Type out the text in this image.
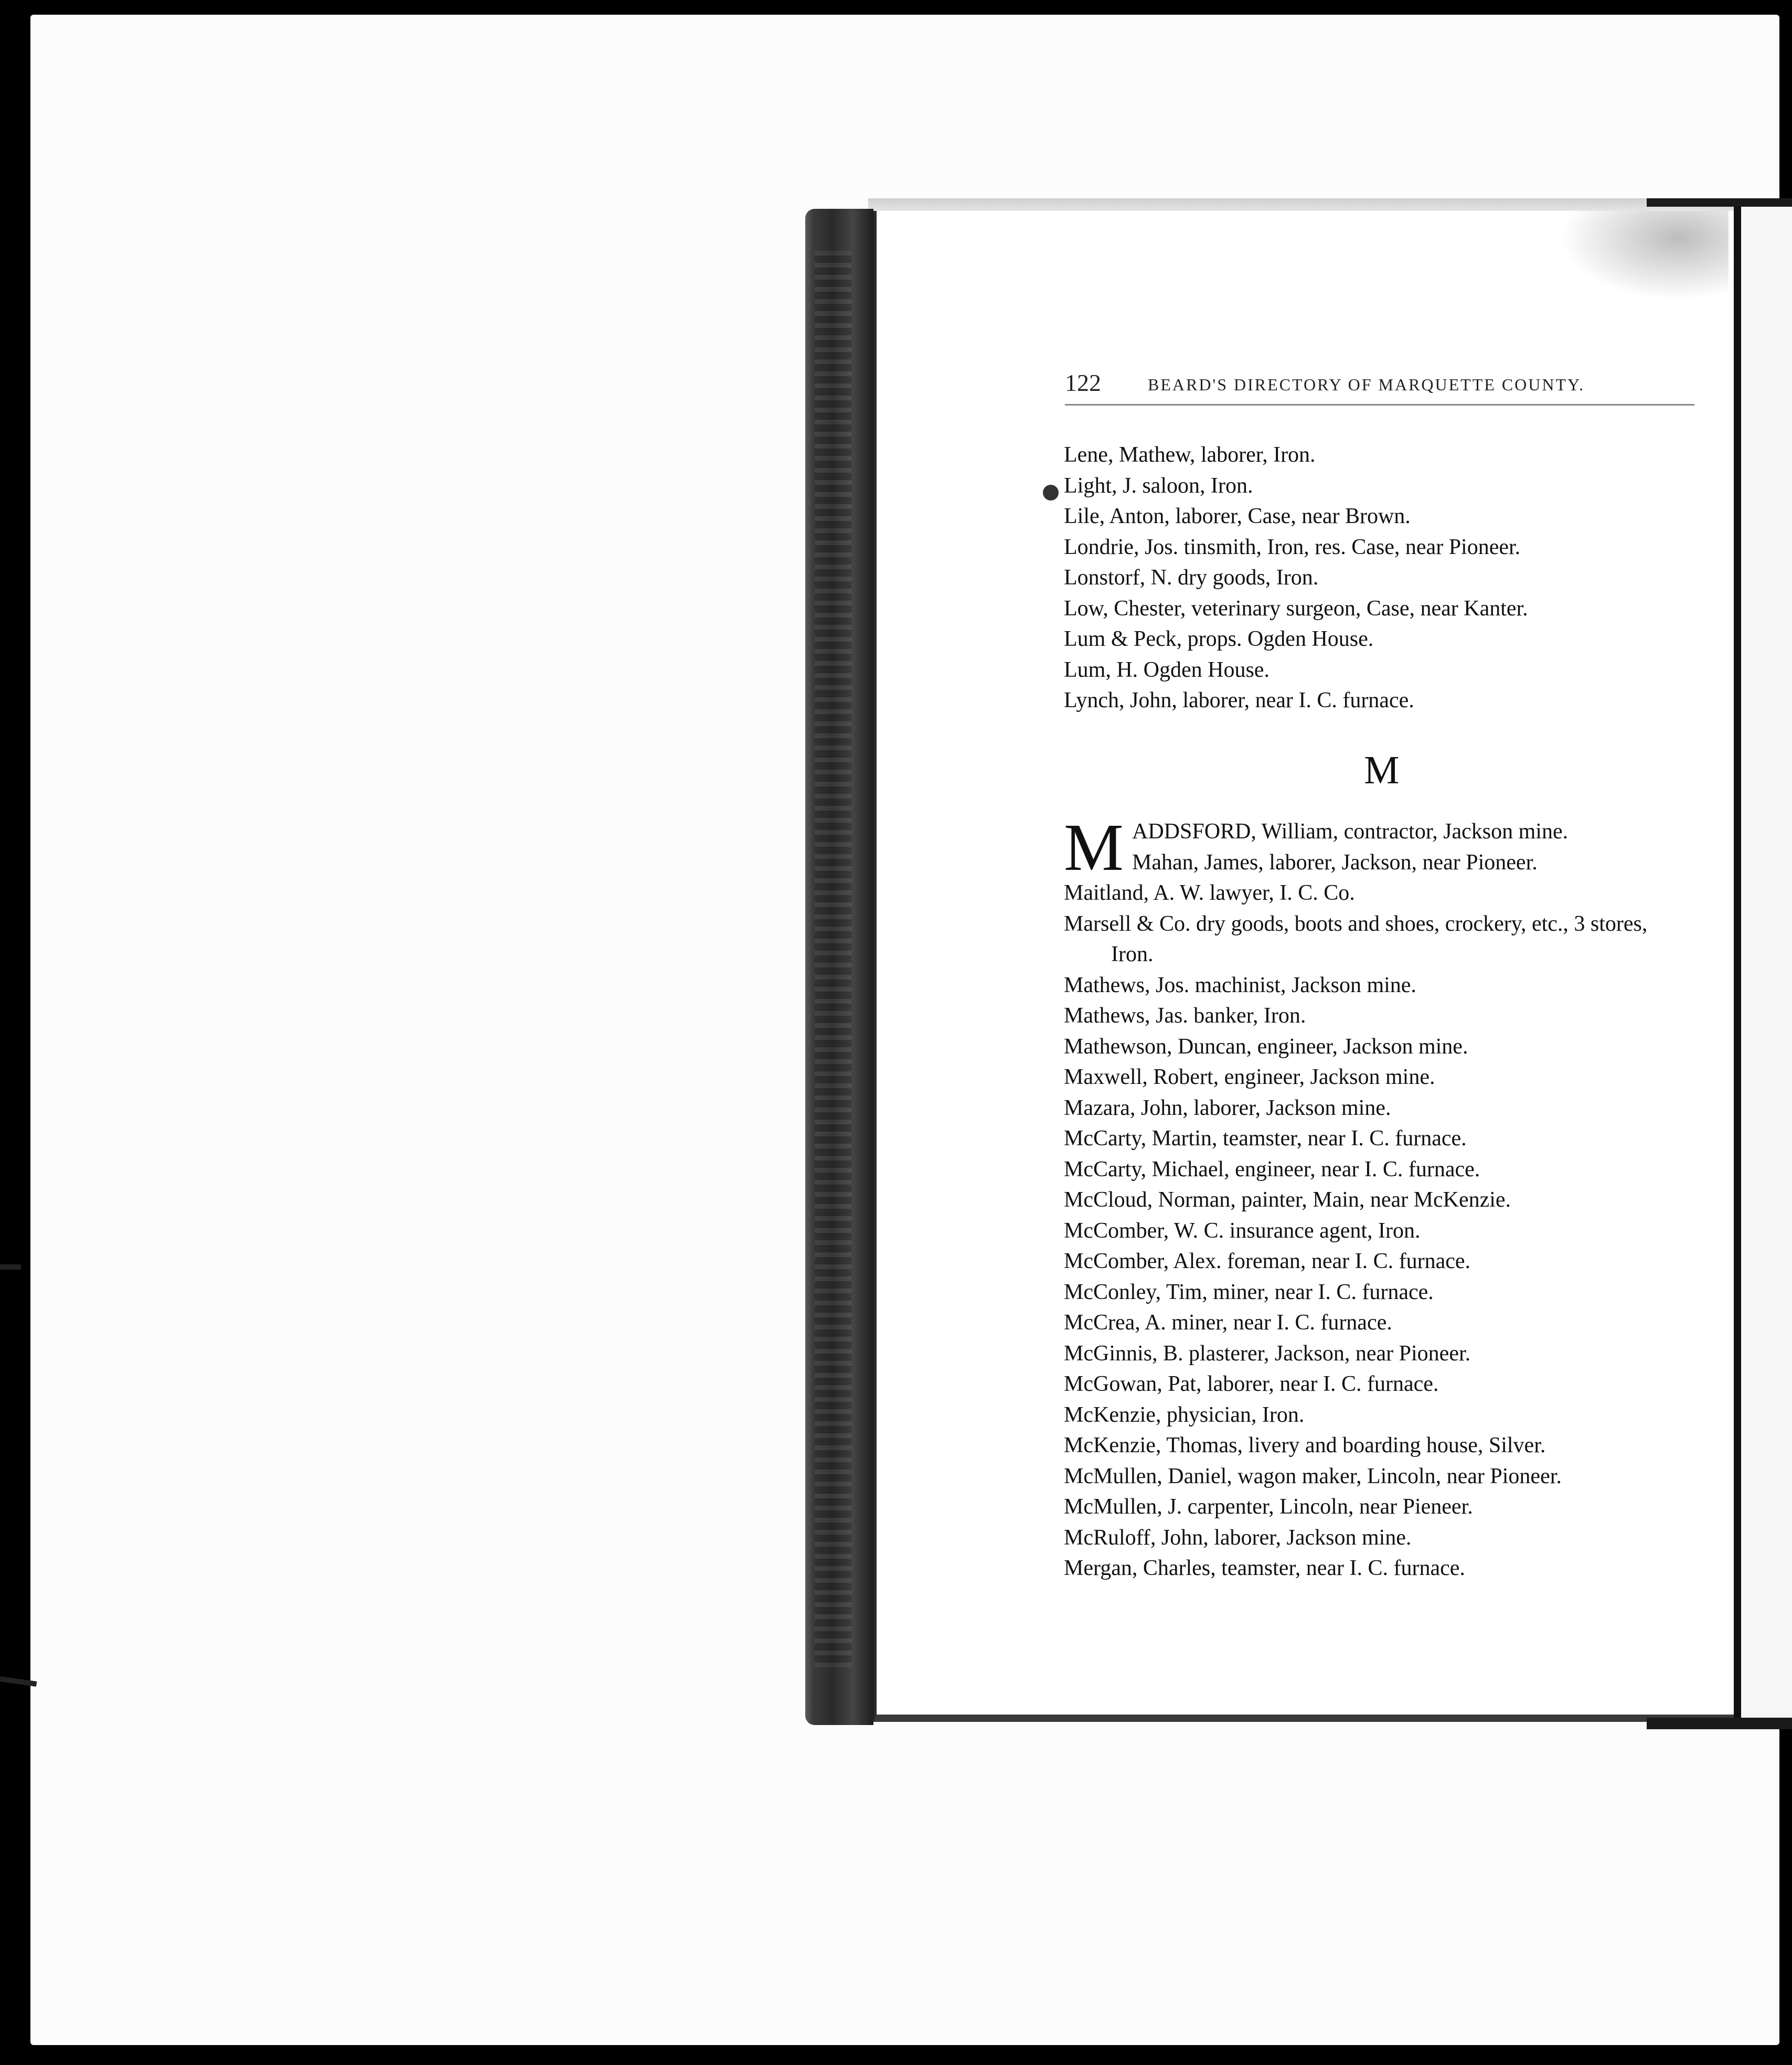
122	BEARD'S DIRECTORY OF MARQUETTE COUNTY.
Lene, Mathew, laborer, Iron.
Light, J. saloon, Iron.
Lile, Anton, laborer, Case, near Brown.
Londrie, Jos. tinsmith, Iron, res. Case, near Pioneer.
Lonstorf, N. dry goods, Iron.
Low, Chester, veterinary surgeon, Case, near Kanter.
Lum & Peck, props. Ogden House.
Lum, H. Ogden House.
Lynch, John, laborer, near I. C. furnace.
M
M ADDSFORD, William, contractor, Jackson mine.
Mahan, James, laborer, Jackson, near Pioneer.
Maitland, A. W. lawyer, I. C. Co.
Marsell & Co. dry goods, boots and shoes, crockery, etc., 3 stores,
Iron.
Mathews, Jos. machinist, Jackson mine.
Mathews, Jas. banker, Iron.
Mathewson, Duncan, engineer, Jackson mine.
Maxwell, Robert, engineer, Jackson mine.
Mazara, John, laborer, Jackson mine.
McCarty, Martin, teamster, near I. C. furnace.
McCarty, Michael, engineer, near I. C. furnace.
McCloud, Norman, painter, Main, near McKenzie.
McComber, W. C. insurance agent, Iron.
McComber, Alex. foreman, near I. C. furnace.
McConley, Tim, miner, near I. C. furnace.
McCrea, A. miner, near I. C. furnace.
McGinnis, B. plasterer, Jackson, near Pioneer.
McGowan, Pat, laborer, near I. C. furnace.
McKenzie, physician, Iron.
McKenzie, Thomas, livery and boarding house, Silver.
McMullen, Daniel, wagon maker, Lincoln, near Pioneer.
McMullen, J. carpenter, Lincoln, near Pieneer.
McRuloff, John, laborer, Jackson mine.
Mergan, Charles, teamster, near I. C. furnace.
